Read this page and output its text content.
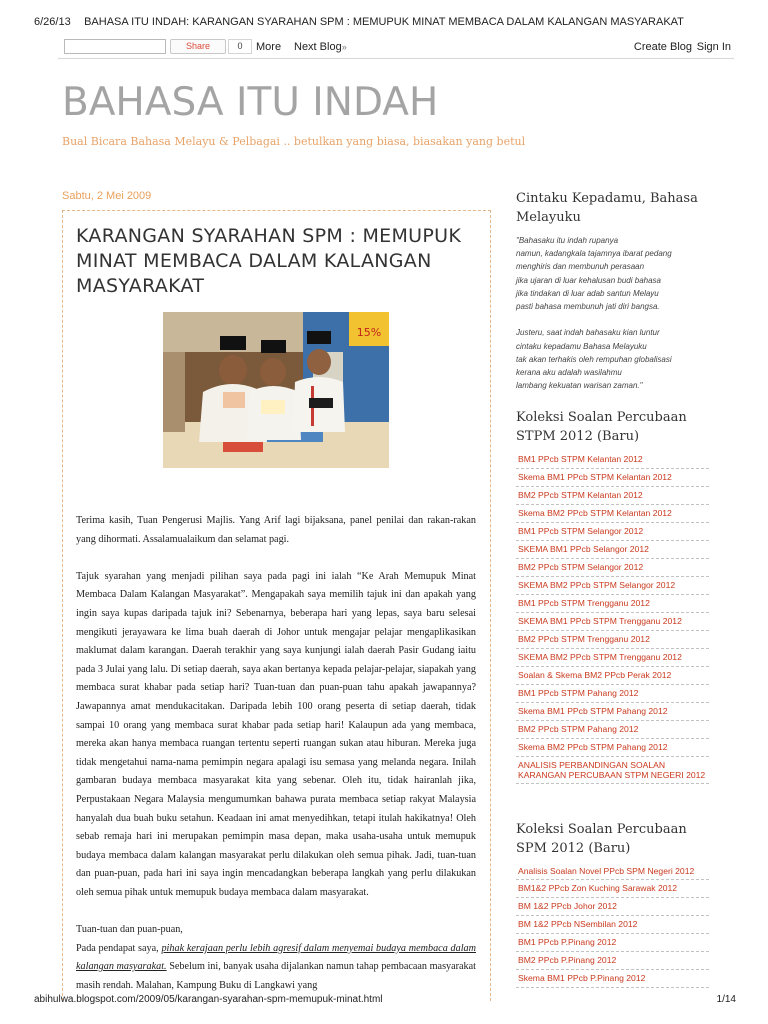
6/26/13	BAHASA ITU INDAH: KARANGAN SYARAHAN SPM : MEMUPUK MINAT MEMBACA DALAM KALANGAN MASYARAKAT
Share	0	More Next Blog»	Create Blog Sign In
BAHASA ITU INDAH
Bual Bicara Bahasa Melayu & Pelbagai .. betulkan yang biasa, biasakan yang betul
Sabtu, 2 Mei 2009
KARANGAN SYARAHAN SPM : MEMUPUK MINAT MEMBACA DALAM KALANGAN MASYARAKAT
15%

Terima kasih, Tuan Pengerusi Majlis. Yang Arif lagi bijaksana, panel penilai dan rakan-rakan yang dihormati. Assalamualaikum dan selamat pagi.

Tajuk syarahan yang menjadi pilihan saya pada pagi ini ialah “Ke Arah Memupuk Minat Membaca Dalam Kalangan Masyarakat”. Mengapakah saya memilih tajuk ini dan apakah yang ingin saya kupas daripada tajuk ini? Sebenarnya, beberapa hari yang lepas, saya baru selesai mengikuti jerayawara ke lima buah daerah di Johor untuk mengajar pelajar mengaplikasikan maklumat dalam karangan. Daerah terakhir yang saya kunjungi ialah daerah Pasir Gudang iaitu pada 3 Julai yang lalu. Di setiap daerah, saya akan bertanya kepada pelajar-pelajar, siapakah yang membaca surat khabar pada setiap hari? Tuan-tuan dan puan-puan tahu apakah jawapannya? Jawapannya amat mendukacitakan. Daripada lebih 100 orang peserta di setiap daerah, tidak sampai 10 orang yang membaca surat khabar pada setiap hari! Kalaupun ada yang membaca, mereka akan hanya membaca ruangan tertentu seperti ruangan sukan atau hiburan. Mereka juga tidak mengetahui nama-nama pemimpin negara apalagi isu semasa yang melanda negara. Inilah gambaran budaya membaca masyarakat kita yang sebenar. Oleh itu, tidak hairanlah jika, Perpustakaan Negara Malaysia mengumumkan bahawa purata membaca setiap rakyat Malaysia hanyalah dua buah buku setahun. Keadaan ini amat menyedihkan, tetapi itulah hakikatnya! Oleh sebab remaja hari ini merupakan pemimpin masa depan, maka usaha-usaha untuk memupuk budaya membaca dalam kalangan masyarakat perlu dilakukan oleh semua pihak. Jadi, tuan-tuan dan puan-puan, pada hari ini saya ingin mencadangkan beberapa langkah yang perlu dilakukan oleh semua pihak untuk memupuk budaya membaca dalam masyarakat.

Tuan-tuan dan puan-puan,

Pada pendapat saya, pihak kerajaan perlu lebih agresif dalam menyemai budaya membaca dalam kalangan masyarakat. Sebelum ini, banyak usaha dijalankan namun tahap pembacaan masyarakat masih rendah. Malahan, Kampung Buku di Langkawi yang

Cintaku Kepadamu, Bahasa Melayuku

"Bahasaku itu indah rupanya
namun, kadangkala tajamnya ibarat pedang
menghiris dan membunuh perasaan
jika ujaran di luar kehalusan budi bahasa
jika tindakan di luar adab santun Melayu
pasti bahasa membunuh jati diri bangsa.

Justeru, saat indah bahasaku kian luntur
cintaku kepadamu Bahasa Melayuku
tak akan terhakis oleh rempuhan globalisasi
kerana aku adalah wasilahmu
lambang kekuatan warisan zaman."

Koleksi Soalan Percubaan STPM 2012 (Baru)
BM1 PPcb STPM Kelantan 2012
Skema BM1 PPcb STPM Kelantan 2012
BM2 PPcb STPM Kelantan 2012
Skema BM2 PPcb STPM Kelantan 2012
BM1 PPcb STPM Selangor 2012
SKEMA BM1 PPcb Selangor 2012
BM2 PPcb STPM Selangor 2012
SKEMA BM2 PPcb STPM Selangor 2012
BM1 PPcb STPM Trengganu 2012
SKEMA BM1 PPcb STPM Trengganu 2012
BM2 PPcb STPM Trengganu 2012
SKEMA BM2 PPcb STPM Trengganu 2012
Soalan & Skema BM2 PPcb Perak 2012
BM1 PPcb STPM Pahang 2012
Skema BM1 PPcb STPM Pahang 2012
BM2 PPcb STPM Pahang 2012
Skema BM2 PPcb STPM Pahang 2012
ANALISIS PERBANDINGAN SOALAN KARANGAN PERCUBAAN STPM NEGERI 2012
Koleksi Soalan Percubaan SPM 2012 (Baru)
Analisis Soalan Novel PPcb SPM Negeri 2012
BM1&2 PPcb Zon Kuching Sarawak 2012
BM 1&2 PPcb Johor 2012
BM 1&2 PPcb NSembilan 2012
BM1 PPcb P.Pinang 2012
BM2 PPcb P.Pinang 2012
Skema BM1 PPcb P.Pinang 2012
abihulwa.blogspot.com/2009/05/karangan-syarahan-spm-memupuk-minat.html	1/14
